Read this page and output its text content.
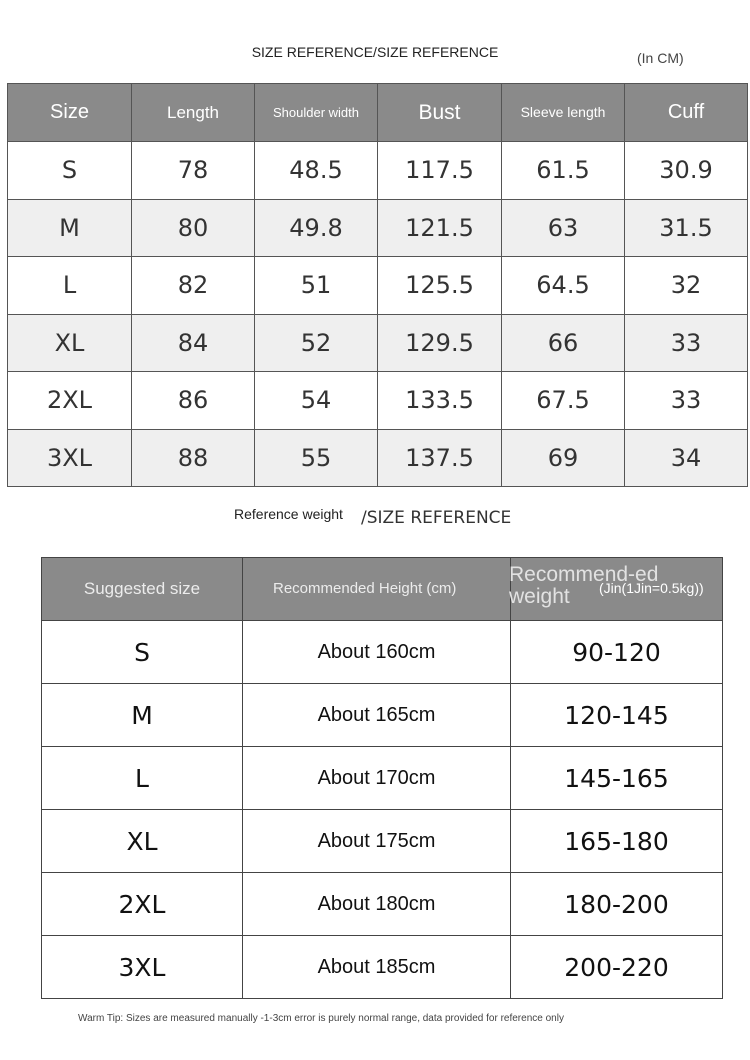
SIZE REFERENCE/SIZE REFERENCE	(In CM)
Size	Length	Shoulder width	Bust	Sleeve length	Cuff
S	78	48.5	117.5	61.5	30.9
M	80	49.8	121.5	63	31.5
L	82	51	125.5	64.5	32
XL	84	52	129.5	66	33
2XL	86	54	133.5	67.5	33
3XL	88	55	137.5	69	34
Reference weight /SIZE REFERENCE
Suggested size	Recommended Height (cm)	Recommend-ed weight (Jin(1Jin=0.5kg))

S	About 160cm	90-120
M	About 165cm	120-145
L	About 170cm	145-165
XL	About 175cm	165-180
2XL	About 180cm	180-200
3XL	About 185cm	200-220
Warm Tip: Sizes are measured manually -1-3cm error is purely normal range, data provided for reference only
